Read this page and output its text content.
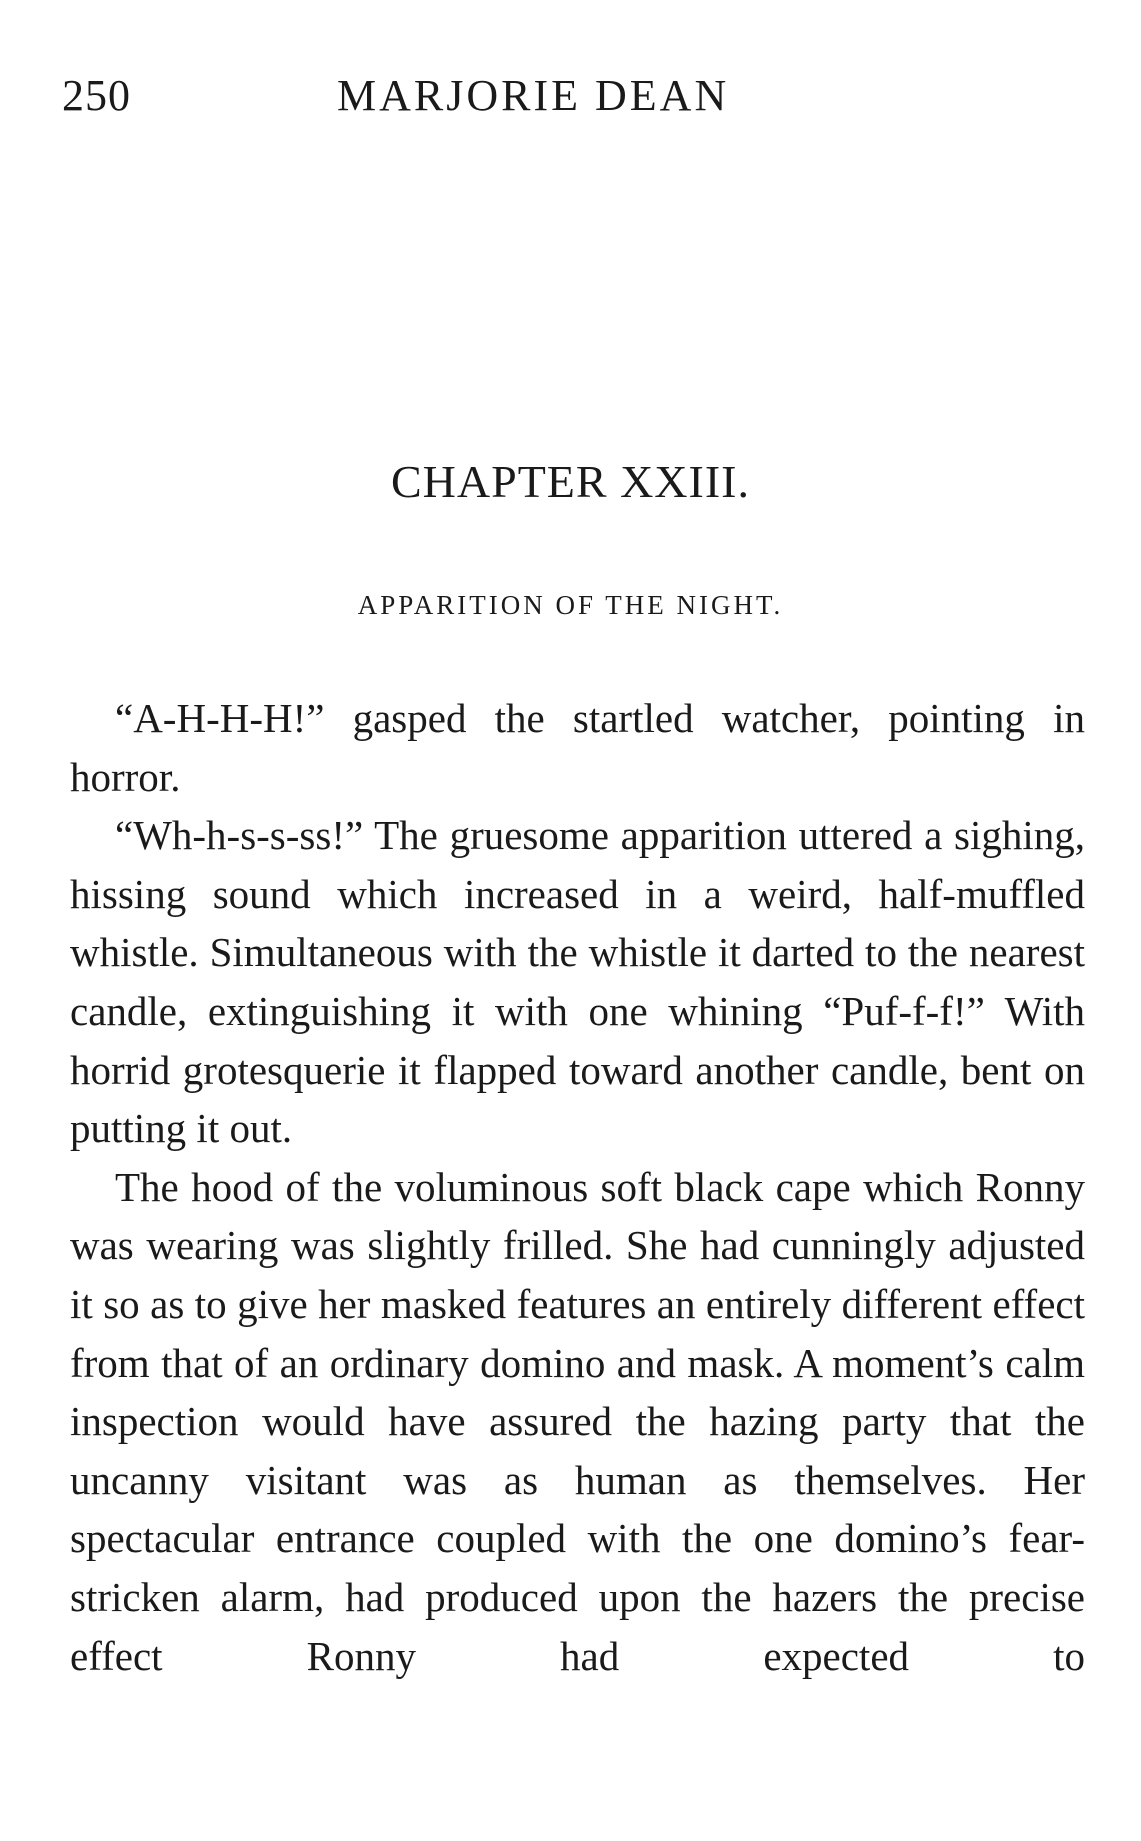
250	MARJORIE DEAN
CHAPTER XXIII.
APPARITION OF THE NIGHT.

“A-H-H-H!” gasped the startled watcher, pointing in horror.

“Wh-h-s-s-ss!” The gruesome apparition uttered a sighing, hissing sound which increased in a weird, half-muffled whistle. Simultaneous with the whistle it darted to the nearest candle, extinguishing it with one whining “Puf-f-f!” With horrid grotesquerie it flapped toward another candle, bent on putting it out.

The hood of the voluminous soft black cape which Ronny was wearing was slightly frilled. She had cunningly adjusted it so as to give her masked features an entirely different effect from that of an ordinary domino and mask. A moment’s calm inspection would have assured the hazing party that the uncanny visitant was as human as themselves. Her spectacular entrance coupled with the one domino’s fear-stricken alarm, had produced upon the hazers the precise effect Ronny had expected to
